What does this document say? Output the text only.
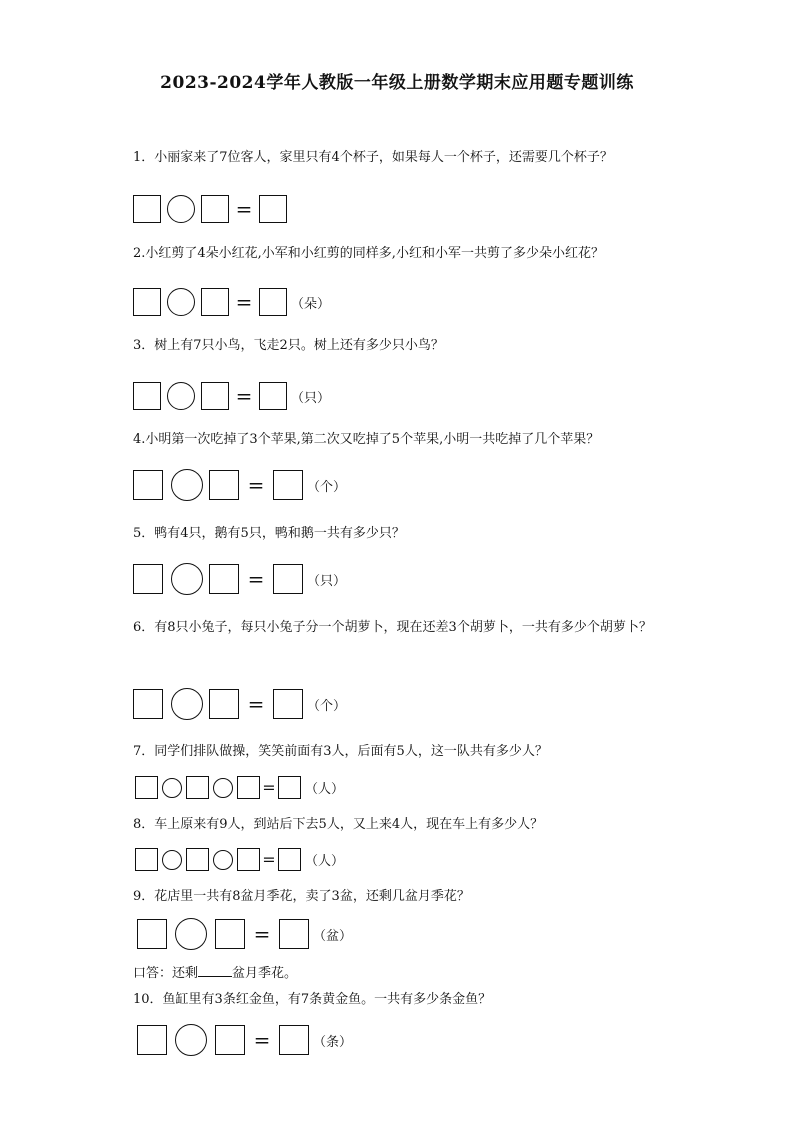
2023-2024学年人教版一年级上册数学期末应用题专题训练
1．小丽家来了7位客人，家里只有4个杯子，如果每人一个杯子，还需要几个杯子？
=
2.小红剪了4朵小红花,小军和小红剪的同样多,小红和小军一共剪了多少朵小红花？
=	（朵）
3．树上有7只小鸟，飞走2只。树上还有多少只小鸟？
=	（只）
4.小明第一次吃掉了3个苹果,第二次又吃掉了5个苹果,小明一共吃掉了几个苹果？
=	（个）
5．鸭有4只，鹅有5只，鸭和鹅一共有多少只？
=	（只）
6．有8只小兔子，每只小兔子分一个胡萝卜，现在还差3个胡萝卜，一共有多少个胡萝卜？
=	（个）
7．同学们排队做操，笑笑前面有3人，后面有5人，这一队共有多少人？
= （人）
8．车上原来有9人，到站后下去5人，又上来4人，现在车上有多少人？
= （人）
9．花店里一共有8盆月季花，卖了3盆，还剩几盆月季花？
=	（盆）
口答：还剩	盆月季花。
10．鱼缸里有3条红金鱼，有7条黄金鱼。一共有多少条金鱼？
=	（条）
